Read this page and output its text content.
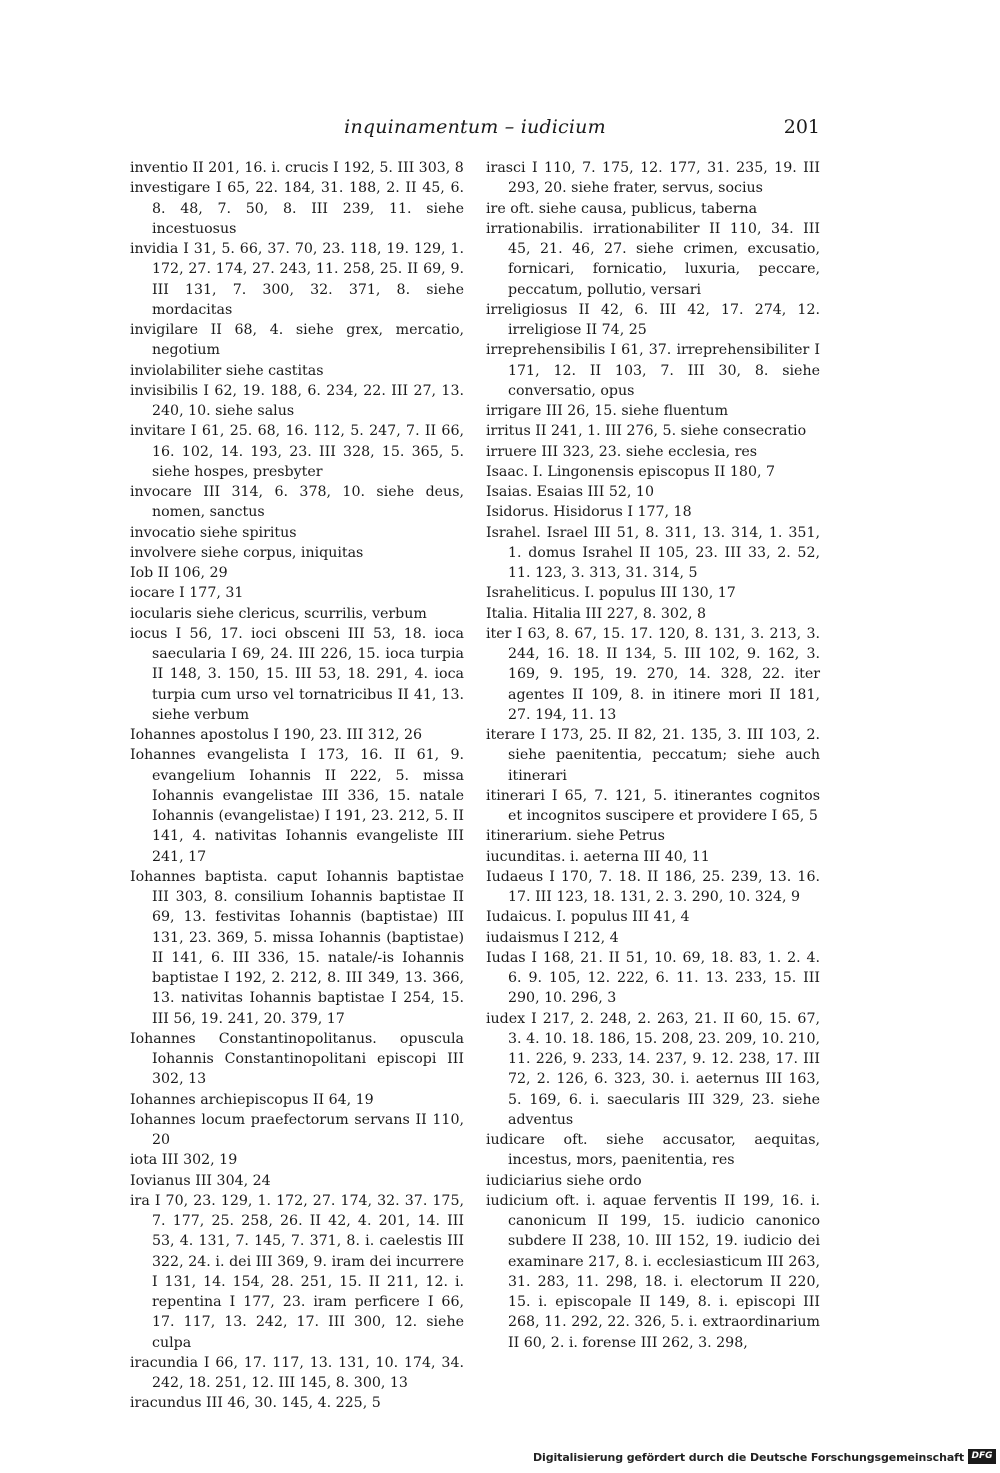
inquinamentum – iudicium	201

inventio II 201, 16. i. crucis I 192, 5. III 303, 8

investigare I 65, 22. 184, 31. 188, 2. II 45, 6. 8. 48, 7. 50, 8. III 239, 11. siehe incestuosus

invidia I 31, 5. 66, 37. 70, 23. 118, 19. 129, 1. 172, 27. 174, 27. 243, 11. 258, 25. II 69, 9. III 131, 7. 300, 32. 371, 8. siehe mordacitas

invigilare II 68, 4. siehe grex, mercatio, negotium

inviolabiliter siehe castitas

invisibilis I 62, 19. 188, 6. 234, 22. III 27, 13. 240, 10. siehe salus

invitare I 61, 25. 68, 16. 112, 5. 247, 7. II 66, 16. 102, 14. 193, 23. III 328, 15. 365, 5. siehe hospes, presbyter

invocare III 314, 6. 378, 10. siehe deus, nomen, sanctus

invocatio siehe spiritus

involvere siehe corpus, iniquitas

Iob II 106, 29

iocare I 177, 31

iocularis siehe clericus, scurrilis, verbum

iocus I 56, 17. ioci obsceni III 53, 18. ioca saecularia I 69, 24. III 226, 15. ioca turpia II 148, 3. 150, 15. III 53, 18. 291, 4. ioca turpia cum urso vel tornatricibus II 41, 13. siehe verbum

Iohannes apostolus I 190, 23. III 312, 26

Iohannes evangelista I 173, 16. II 61, 9. evangelium Iohannis II 222, 5. missa Iohannis evangelistae III 336, 15. natale Iohannis (evangelistae) I 191, 23. 212, 5. II 141, 4. nativitas Iohannis evangeliste III 241, 17

Iohannes baptista. caput Iohannis baptistae III 303, 8. consilium Iohannis baptistae II 69, 13. festivitas Iohannis (baptistae) III 131, 23. 369, 5. missa Iohannis (baptistae) II 141, 6. III 336, 15. natale/-is Iohannis baptistae I 192, 2. 212, 8. III 349, 13. 366, 13. nativitas Iohannis baptistae I 254, 15. III 56, 19. 241, 20. 379, 17

Iohannes Constantinopolitanus. opuscula Iohannis Constantinopolitani episcopi III 302, 13

Iohannes archiepiscopus II 64, 19

Iohannes locum praefectorum servans II 110, 20

iota III 302, 19

Iovianus III 304, 24

ira I 70, 23. 129, 1. 172, 27. 174, 32. 37. 175, 7. 177, 25. 258, 26. II 42, 4. 201, 14. III 53, 4. 131, 7. 145, 7. 371, 8. i. caelestis III 322, 24. i. dei III 369, 9. iram dei incurrere I 131, 14. 154, 28. 251, 15. II 211, 12. i. repentina I 177, 23. iram perficere I 66, 17. 117, 13. 242, 17. III 300, 12. siehe culpa

iracundia I 66, 17. 117, 13. 131, 10. 174, 34. 242, 18. 251, 12. III 145, 8. 300, 13

iracundus III 46, 30. 145, 4. 225, 5

irasci I 110, 7. 175, 12. 177, 31. 235, 19. III 293, 20. siehe frater, servus, socius

ire oft. siehe causa, publicus, taberna

irrationabilis. irrationabiliter II 110, 34. III 45, 21. 46, 27. siehe crimen, excusatio, fornicari, fornicatio, luxuria, peccare, peccatum, pollutio, versari

irreligiosus II 42, 6. III 42, 17. 274, 12. irreligiose II 74, 25

irreprehensibilis I 61, 37. irreprehensibiliter I 171, 12. II 103, 7. III 30, 8. siehe conversatio, opus

irrigare III 26, 15. siehe fluentum

irritus II 241, 1. III 276, 5. siehe consecratio

irruere III 323, 23. siehe ecclesia, res

Isaac. I. Lingonensis episcopus II 180, 7

Isaias. Esaias III 52, 10

Isidorus. Hisidorus I 177, 18

Israhel. Israel III 51, 8. 311, 13. 314, 1. 351, 1. domus Israhel II 105, 23. III 33, 2. 52, 11. 123, 3. 313, 31. 314, 5

Israheliticus. I. populus III 130, 17

Italia. Hitalia III 227, 8. 302, 8

iter I 63, 8. 67, 15. 17. 120, 8. 131, 3. 213, 3. 244, 16. 18. II 134, 5. III 102, 9. 162, 3. 169, 9. 195, 19. 270, 14. 328, 22. iter agentes II 109, 8. in itinere mori II 181, 27. 194, 11. 13

iterare I 173, 25. II 82, 21. 135, 3. III 103, 2. siehe paenitentia, peccatum; siehe auch itinerari

itinerari I 65, 7. 121, 5. itinerantes cognitos et incognitos suscipere et providere I 65, 5

itinerarium. siehe Petrus

iucunditas. i. aeterna III 40, 11

Iudaeus I 170, 7. 18. II 186, 25. 239, 13. 16. 17. III 123, 18. 131, 2. 3. 290, 10. 324, 9

Iudaicus. I. populus III 41, 4

iudaismus I 212, 4

Iudas I 168, 21. II 51, 10. 69, 18. 83, 1. 2. 4. 6. 9. 105, 12. 222, 6. 11. 13. 233, 15. III 290, 10. 296, 3

iudex I 217, 2. 248, 2. 263, 21. II 60, 15. 67, 3. 4. 10. 18. 186, 15. 208, 23. 209, 10. 210, 11. 226, 9. 233, 14. 237, 9. 12. 238, 17. III 72, 2. 126, 6. 323, 30. i. aeternus III 163, 5. 169, 6. i. saecularis III 329, 23. siehe adventus

iudicare oft. siehe accusator, aequitas, incestus, mors, paenitentia, res

iudiciarius siehe ordo

iudicium oft. i. aquae ferventis II 199, 16. i. canonicum II 199, 15. iudicio canonico subdere II 238, 10. III 152, 19. iudicio dei examinare 217, 8. i. ecclesiasticum III 263, 31. 283, 11. 298, 18. i. electorum II 220, 15. i. episcopale II 149, 8. i. episcopi III 268, 11. 292, 22. 326, 5. i. extraordinarium II 60, 2. i. forense III 262, 3. 298,

Digitalisierung gefördert durch die Deutsche Forschungsgemeinschaft DFG
